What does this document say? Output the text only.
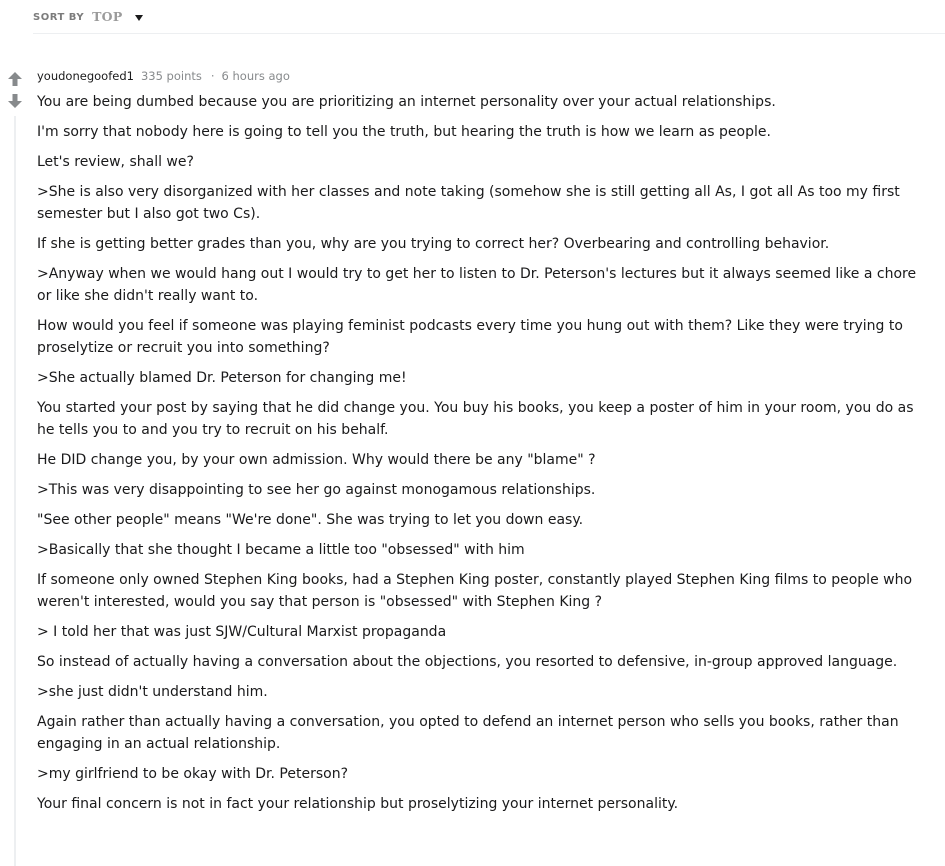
SORT BY TOP
youdonegoofed1 335 points · 6 hours ago

You are being dumbed because you are prioritizing an internet personality over your actual relationships.

I'm sorry that nobody here is going to tell you the truth, but hearing the truth is how we learn as people.

Let's review, shall we?

>She is also very disorganized with her classes and note taking (somehow she is still getting all As, I got all As too my first semester but I also got two Cs).

If she is getting better grades than you, why are you trying to correct her? Overbearing and controlling behavior.

>Anyway when we would hang out I would try to get her to listen to Dr. Peterson's lectures but it always seemed like a chore or like she didn't really want to.

How would you feel if someone was playing feminist podcasts every time you hung out with them? Like they were trying to proselytize or recruit you into something?

>She actually blamed Dr. Peterson for changing me!

You started your post by saying that he did change you. You buy his books, you keep a poster of him in your room, you do as he tells you to and you try to recruit on his behalf.

He DID change you, by your own admission. Why would there be any "blame" ?

>This was very disappointing to see her go against monogamous relationships.

"See other people" means "We're done". She was trying to let you down easy.

>Basically that she thought I became a little too "obsessed" with him

If someone only owned Stephen King books, had a Stephen King poster, constantly played Stephen King films to people who weren't interested, would you say that person is "obsessed" with Stephen King ?

> I told her that was just SJW/Cultural Marxist propaganda

So instead of actually having a conversation about the objections, you resorted to defensive, in-group approved language.

>she just didn't understand him.

Again rather than actually having a conversation, you opted to defend an internet person who sells you books, rather than engaging in an actual relationship.

>my girlfriend to be okay with Dr. Peterson?

Your final concern is not in fact your relationship but proselytizing your internet personality.
